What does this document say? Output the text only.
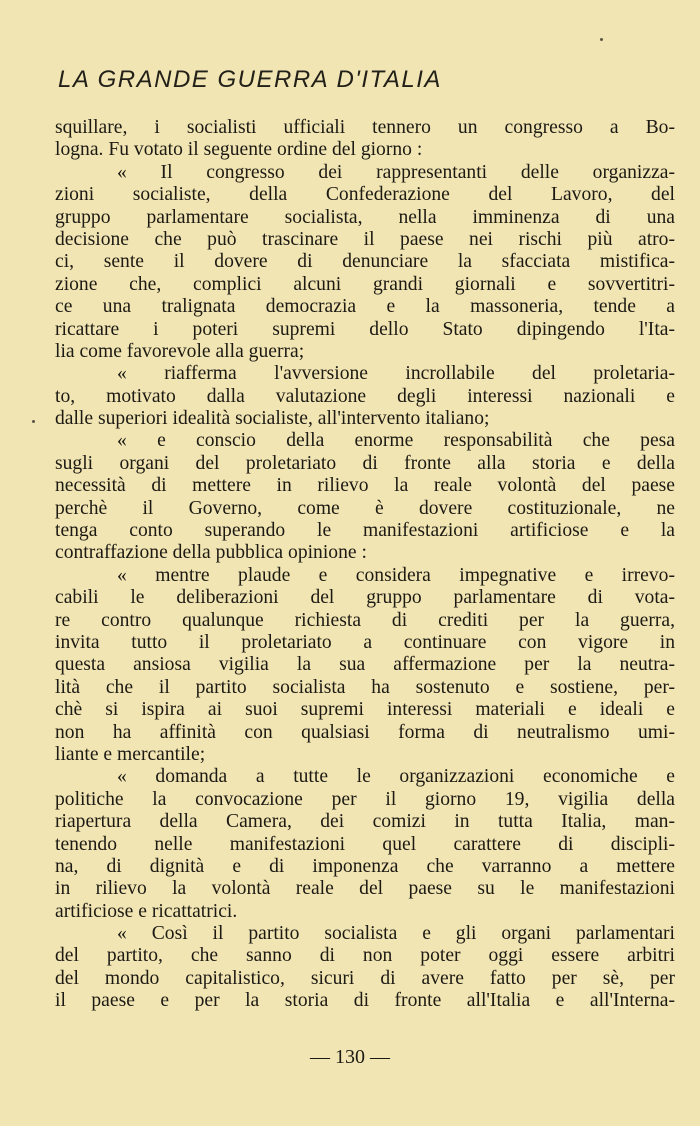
LA GRANDE GUERRA D'ITALIA
squillare, i socialisti ufficiali tennero un congresso a Bo-
logna. Fu votato il seguente ordine del giorno :
« Il congresso dei rappresentanti delle organizza-
zioni socialiste, della Confederazione del Lavoro, del
gruppo parlamentare socialista, nella imminenza di una
decisione che può trascinare il paese nei rischi più atro-
ci, sente il dovere di denunciare la sfacciata mistifica-
zione che, complici alcuni grandi giornali e sovvertitri-
ce una tralignata democrazia e la massoneria, tende a
ricattare i poteri supremi dello Stato dipingendo l'Ita-
lia come favorevole alla guerra;
« riafferma l'avversione incrollabile del proletaria-
to, motivato dalla valutazione degli interessi nazionali e
dalle superiori idealità socialiste, all'intervento italiano;
« e conscio della enorme responsabilità che pesa
sugli organi del proletariato di fronte alla storia e della
necessità di mettere in rilievo la reale volontà del paese
perchè il Governo, come è dovere costituzionale, ne
tenga conto superando le manifestazioni artificiose e la
contraffazione della pubblica opinione :
« mentre plaude e considera impegnative e irrevo-
cabili le deliberazioni del gruppo parlamentare di vota-
re contro qualunque richiesta di crediti per la guerra,
invita tutto il proletariato a continuare con vigore in
questa ansiosa vigilia la sua affermazione per la neutra-
lità che il partito socialista ha sostenuto e sostiene, per-
chè si ispira ai suoi supremi interessi materiali e ideali e
non ha affinità con qualsiasi forma di neutralismo umi-
liante e mercantile;
« domanda a tutte le organizzazioni economiche e
politiche la convocazione per il giorno 19, vigilia della
riapertura della Camera, dei comizi in tutta Italia, man-
tenendo nelle manifestazioni quel carattere di discipli-
na, di dignità e di imponenza che varranno a mettere
in rilievo la volontà reale del paese su le manifestazioni
artificiose e ricattatrici.
« Così il partito socialista e gli organi parlamentari
del partito, che sanno di non poter oggi essere arbitri
del mondo capitalistico, sicuri di avere fatto per sè, per
il paese e per la storia di fronte all'Italia e all'Interna-
— 130 —
